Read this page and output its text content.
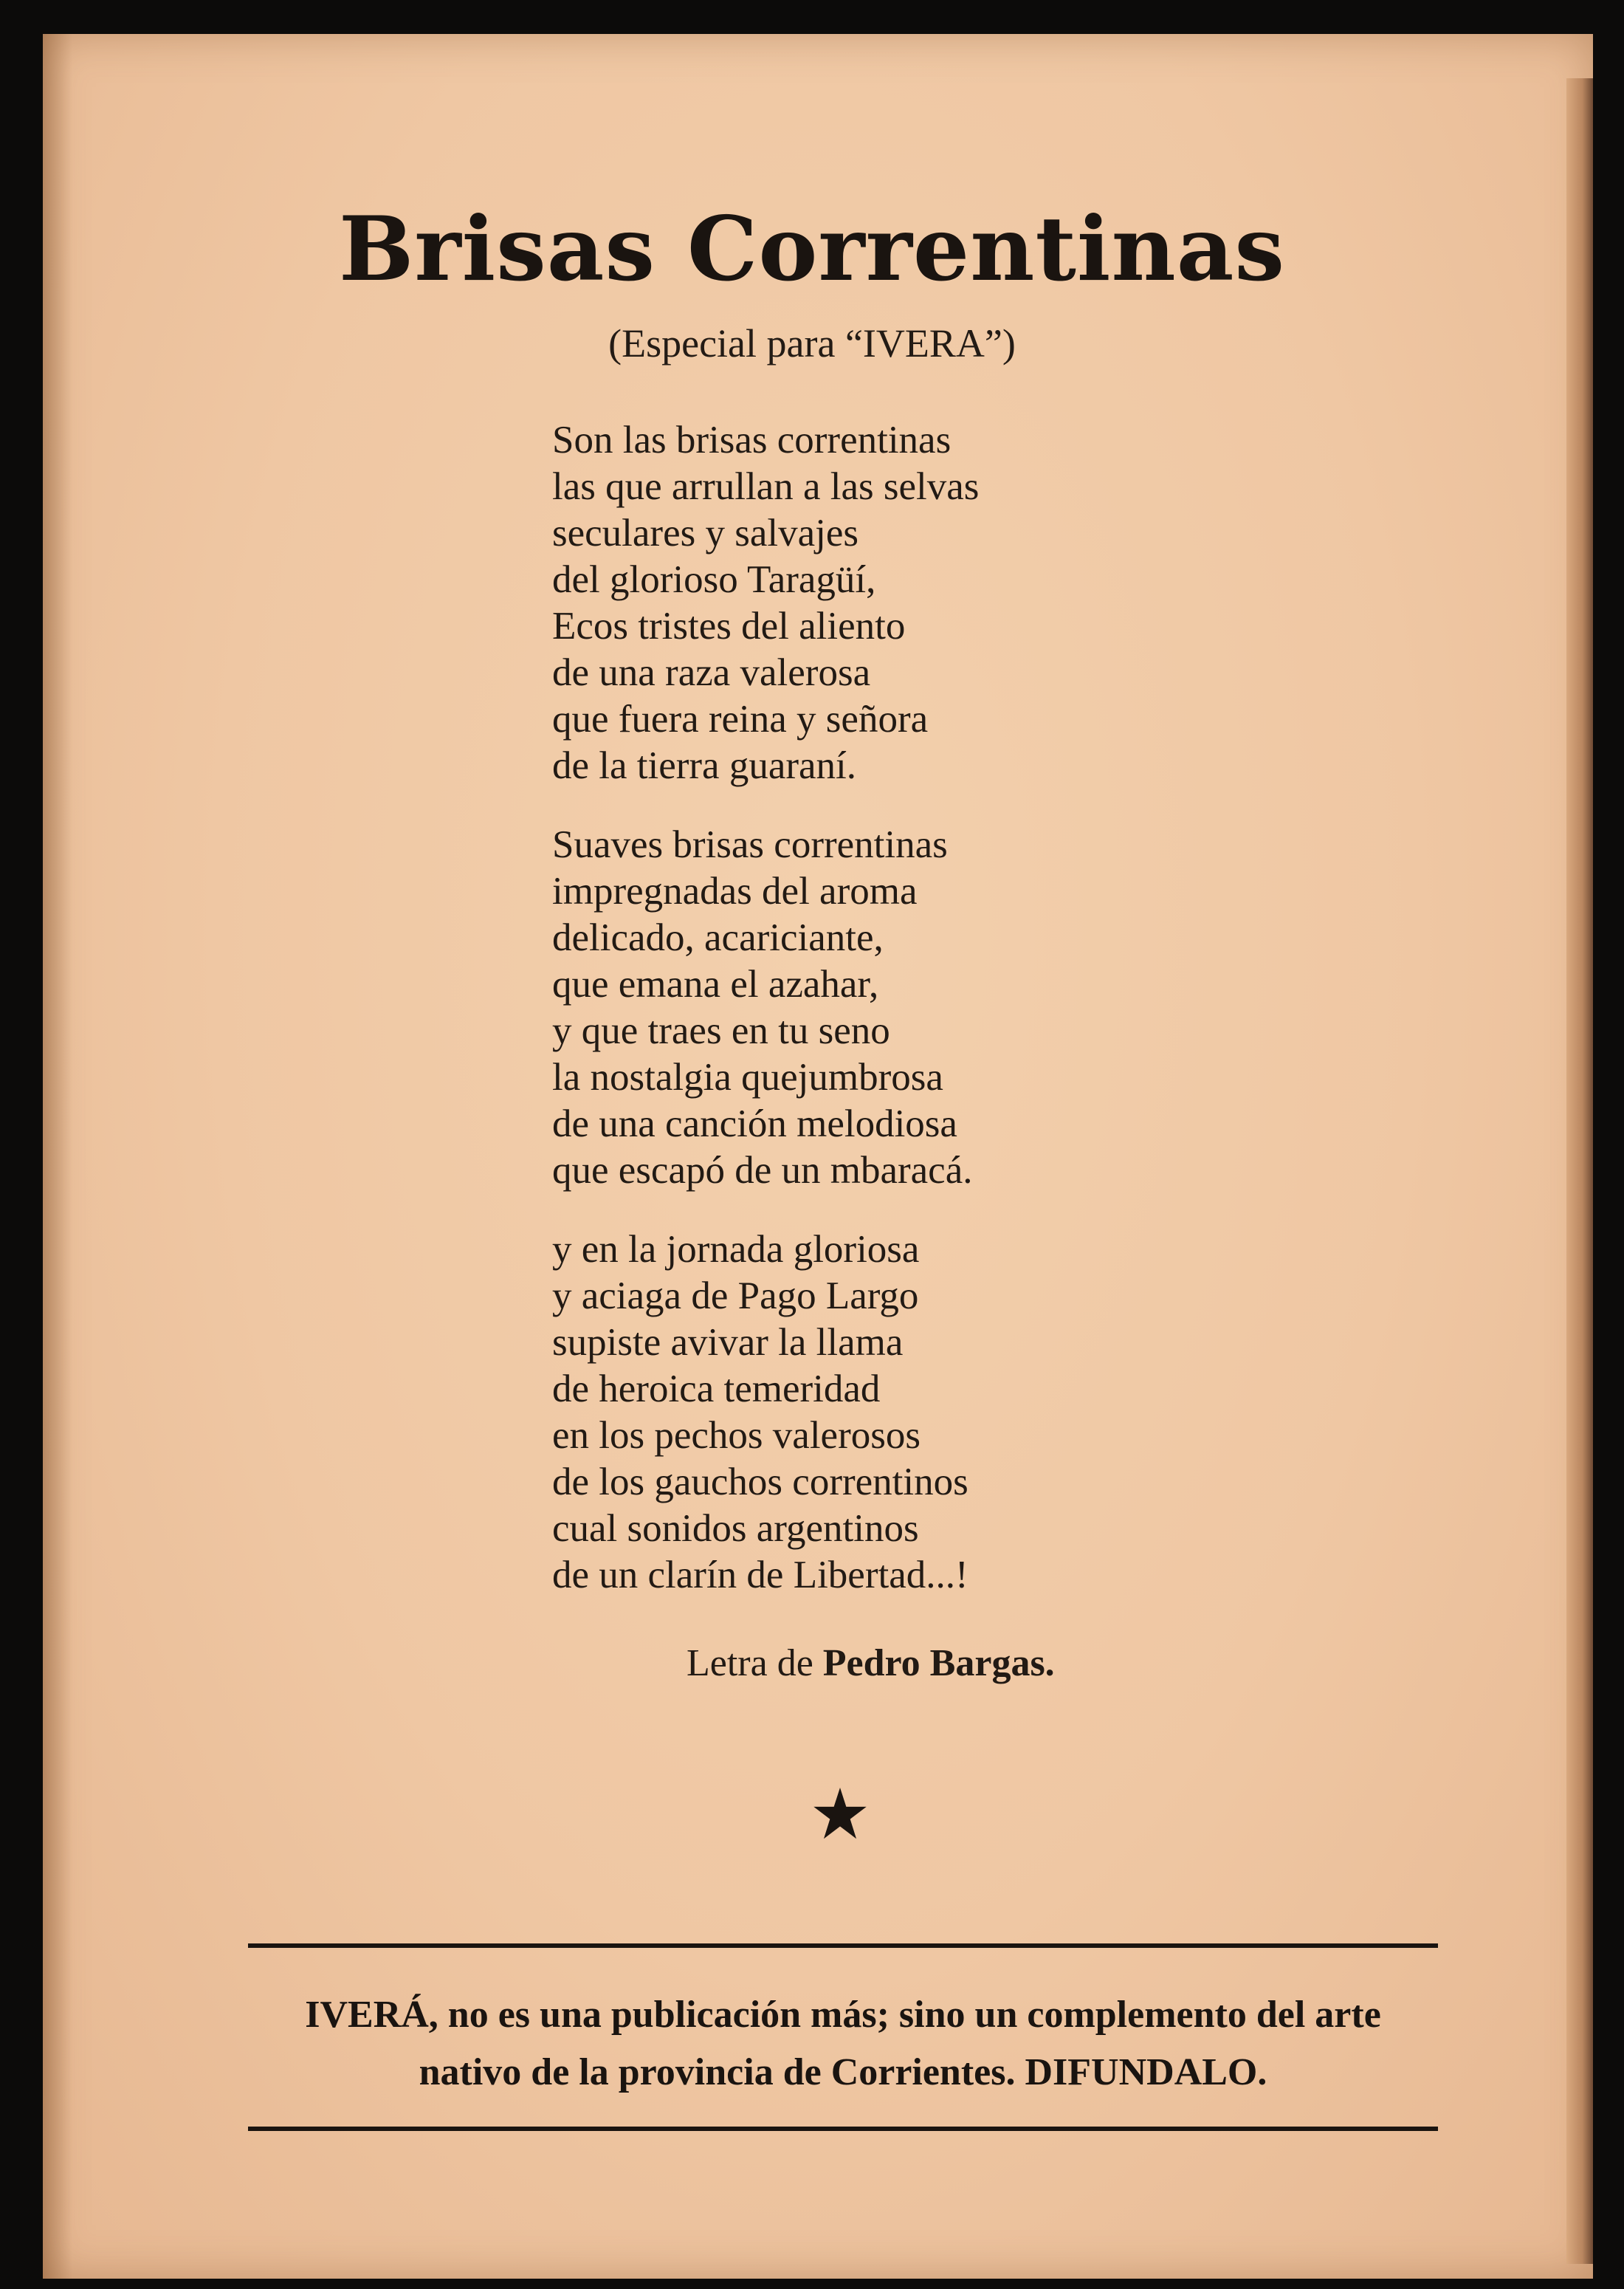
Brisas Correntinas
(Especial para “IVERA”)
Son las brisas correntinas
las que arrullan a las selvas
seculares y salvajes
del glorioso Taragüí,
Ecos tristes del aliento
de una raza valerosa
que fuera reina y señora
de la tierra guaraní.
Suaves brisas correntinas
impregnadas del aroma
delicado, acariciante,
que emana el azahar,
y que traes en tu seno
la nostalgia quejumbrosa
de una canción melodiosa
que escapó de un mbaracá.
y en la jornada gloriosa
y aciaga de Pago Largo
supiste avivar la llama
de heroica temeridad
en los pechos valerosos
de los gauchos correntinos
cual sonidos argentinos
de un clarín de Libertad...!
Letra de Pedro Bargas.
IVERÁ, no es una publicación más; sino un complemento del arte
nativo de la provincia de Corrientes. DIFUNDALO.
